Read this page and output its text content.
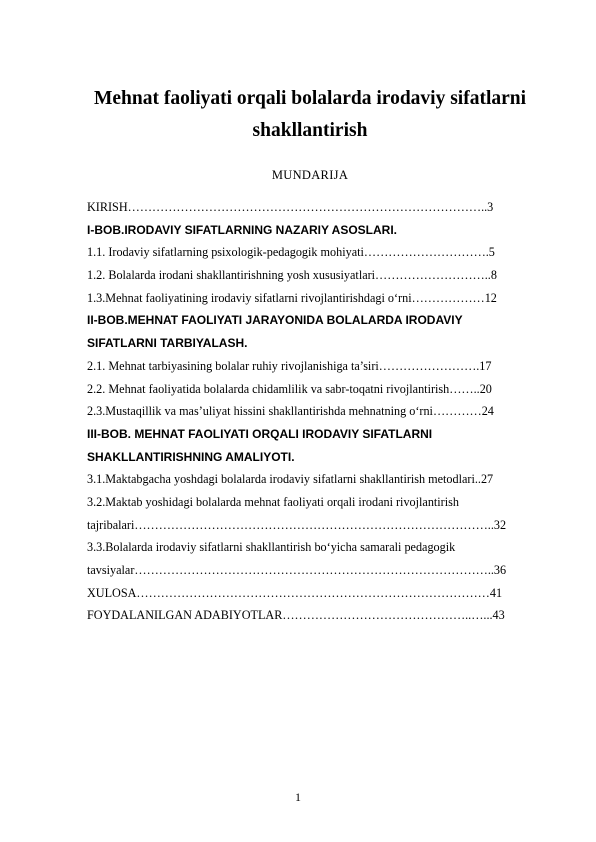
Mehnat faoliyati orqali bolalarda irodaviy sifatlarni
shakllantirish
MUNDARIJA
KIRISH……………………………………………………………………………..3
I-BOB.IRODAVIY SIFATLARNING NAZARIY ASOSLARI.
1.1. Irodaviy sifatlarning psixologik-pedagogik mohiyati………………………….5
1.2. Bolalarda irodani shakllantirishning yosh xususiyatlari………………………..8
1.3.Mehnat faoliyatining irodaviy sifatlarni rivojlantirishdagi o‘rni………………12
II-BOB.MEHNAT FAOLIYATI JARAYONIDA BOLALARDA IRODAVIY
SIFATLARNI TARBIYALASH.
2.1. Mehnat tarbiyasining bolalar ruhiy rivojlanishiga ta’siri…………………….17
2.2. Mehnat faoliyatida bolalarda chidamlilik va sabr-toqatni rivojlantirish……..20
2.3.Mustaqillik va mas’uliyat hissini shakllantirishda mehnatning o‘rni…………24
III-BOB. MEHNAT FAOLIYATI ORQALI IRODAVIY SIFATLARNI
SHAKLLANTIRISHNING AMALIYOTI.
3.1.Maktabgacha yoshdagi bolalarda irodaviy sifatlarni shakllantirish metodlari..27
3.2.Maktab yoshidagi bolalarda mehnat faoliyati orqali irodani rivojlantirish
tajribalari……………………………………………………………………………..32
3.3.Bolalarda irodaviy sifatlarni shakllantirish bo‘yicha samarali pedagogik
tavsiyalar……………………………………………………………………………..36
XULOSA……………………………………………………………………………41
FOYDALANILGAN ADABIYOTLAR………………………………………..…...43
1
